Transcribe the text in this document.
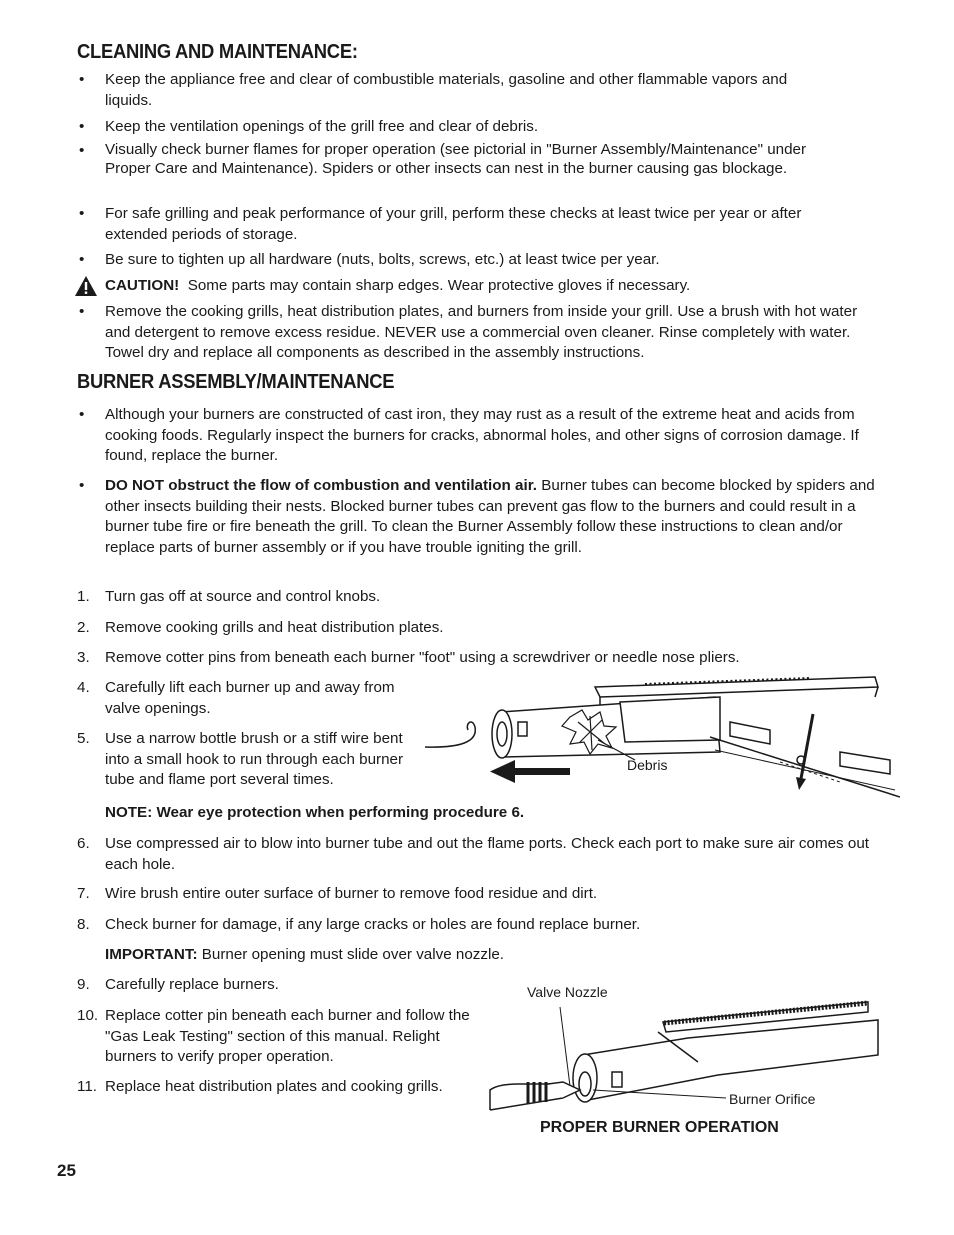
CLEANING AND MAINTENANCE:
•	Keep the appliance free and clear of combustible materials, gasoline and other flammable vapors and liquids.
•	Keep the ventilation openings of the grill free and clear of debris.
•	Visually check burner flames for proper operation (see pictorial in "Burner Assembly/Maintenance" under Proper Care and Maintenance). Spiders or other insects can nest in the burner causing gas blockage.
•	For safe grilling and peak performance of your grill, perform these checks at least twice per year or after extended periods of storage.
•	Be sure to tighten up all hardware (nuts, bolts, screws, etc.) at least twice per year.
CAUTION! Some parts may contain sharp edges. Wear protective gloves if necessary.
•	Remove the cooking grills, heat distribution plates, and burners from inside your grill. Use a brush with hot water and detergent to remove excess residue. NEVER use a commercial oven cleaner. Rinse completely with water. Towel dry and replace all components as described in the assembly instructions.
BURNER ASSEMBLY/MAINTENANCE
•	Although your burners are constructed of cast iron, they may rust as a result of the extreme heat and acids from cooking foods. Regularly inspect the burners for cracks, abnormal holes, and other signs of corrosion damage. If found, replace the burner.
•	DO NOT obstruct the flow of combustion and ventilation air. Burner tubes can become blocked by spiders and other insects building their nests. Blocked burner tubes can prevent gas flow to the burners and could result in a burner tube fire or fire beneath the grill. To clean the Burner Assembly follow these instructions to clean and/or replace parts of burner assembly or if you have trouble igniting the grill.
1.	Turn gas off at source and control knobs.
2.	Remove cooking grills and heat distribution plates.
3.	Remove cotter pins from beneath each burner "foot" using a screwdriver or needle nose pliers.
4.	Carefully lift each burner up and away from valve openings.
5.	Use a narrow bottle brush or a stiff wire bent into a small hook to run through each burner tube and flame port several times.
NOTE: Wear eye protection when performing procedure 6.
6.	Use compressed air to blow into burner tube and out the flame ports. Check each port to make sure air comes out each hole.
7.	Wire brush entire outer surface of burner to remove food residue and dirt.
8.	Check burner for damage, if any large cracks or holes are found replace burner.
IMPORTANT: Burner opening must slide over valve nozzle.
9.	Carefully replace burners.
10. Replace cotter pin beneath each burner and follow the "Gas Leak Testing" section of this manual. Relight burners to verify proper operation.
11. Replace heat distribution plates and cooking grills.
Debris
Valve Nozzle
Burner Orifice
PROPER BURNER OPERATION
25
